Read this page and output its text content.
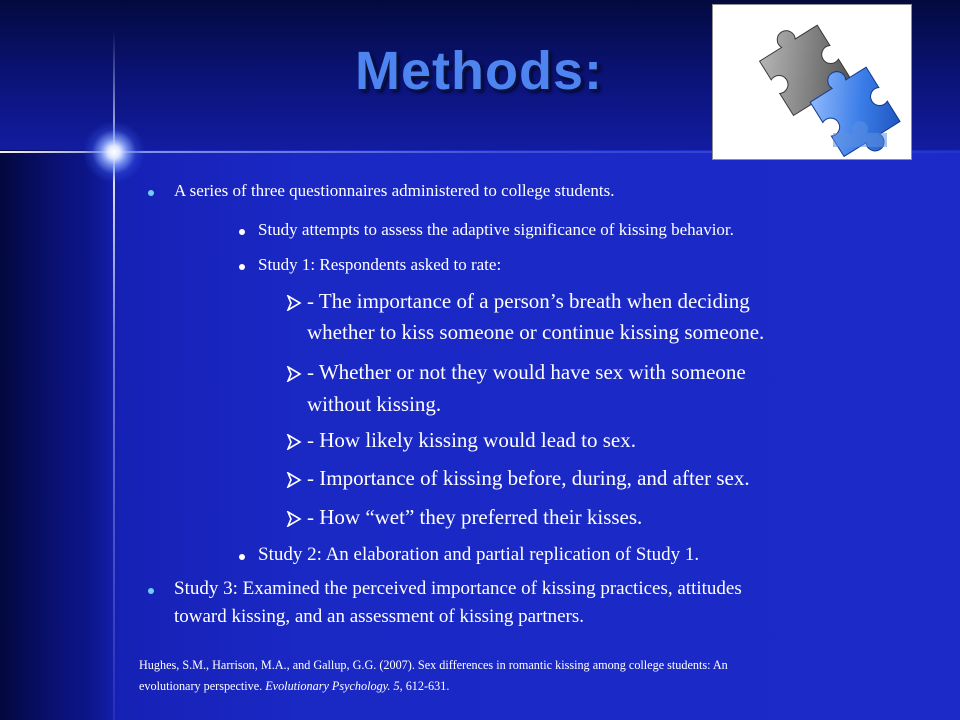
Methods:
A series of three questionnaires administered to college students.
Study attempts to assess the adaptive significance of kissing behavior.
Study 1: Respondents asked to rate:
- The importance of a person’s breath when deciding
whether to kiss someone or continue kissing someone.
- Whether or not they would have sex with someone
without kissing.
- How likely kissing would lead to sex.
- Importance of kissing before, during, and after sex.
- How “wet” they preferred their kisses.
Study 2: An elaboration and partial replication of Study 1.
Study 3: Examined the perceived importance of kissing practices, attitudes
toward kissing, and an assessment of kissing partners.
Hughes, S.M., Harrison, M.A., and Gallup, G.G. (2007). Sex differences in romantic kissing among college students: An
evolutionary perspective. Evolutionary Psychology. 5, 612-631.
